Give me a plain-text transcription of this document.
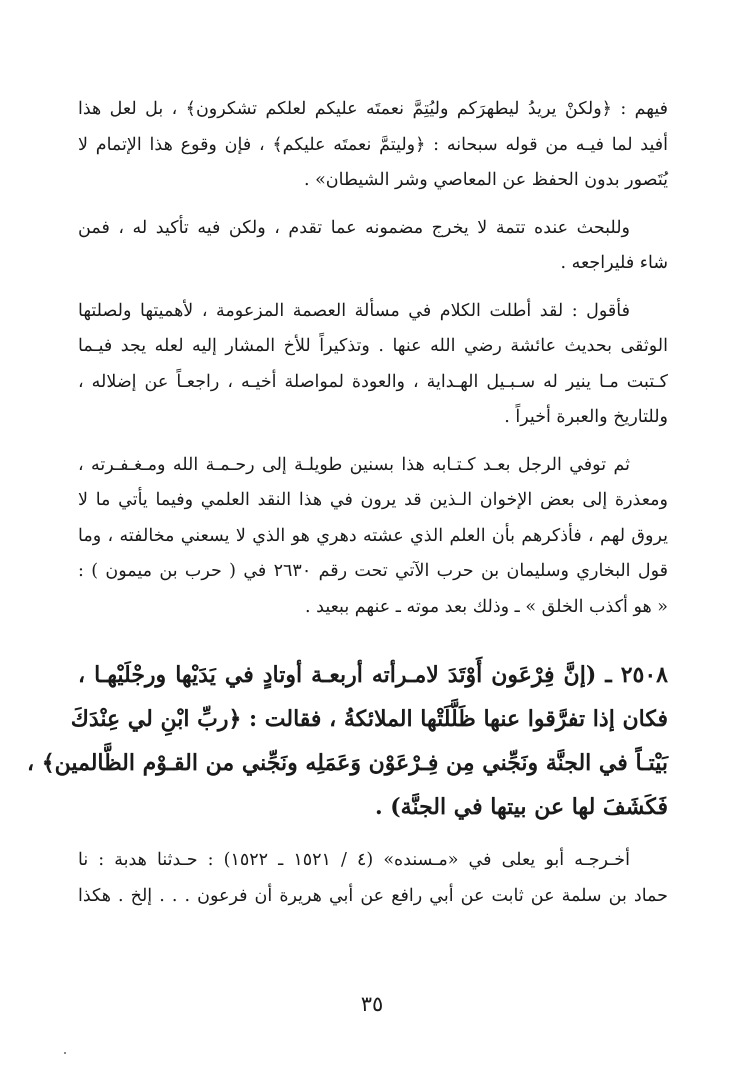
فيهم : ﴿ولكنْ يريدُ ليطهرَكم وليُتِمَّ نعمتَه عليكم لعلكم تشكرون﴾ ، بل لعل هذا
أفيد لما فيـه من قوله سبحانه : ﴿وليتمَّ نعمتَه عليكم﴾ ، فإن وقوع هذا الإتمام لا
يُتَصور بدون الحفظ عن المعاصي وشر الشيطان» .

وللبحث عنده تتمة لا يخرج مضمونه عما تقدم ، ولكن فيه تأكيد له ، فمن
شاء فليراجعه .

فأقول : لقد أطلت الكلام في مسألة العصمة المزعومة ، لأهميتها ولصلتها
الوثقى بحديث عائشة رضي الله عنها . وتذكيراً للأخ المشار إليه لعله يجد فيـما
كـتبت مـا ينير له سـبـيل الهـداية ، والعودة لمواصلة أخيـه ، راجعـاً عن إضلاله ،
وللتاريخ والعبرة أخيراً .

ثم توفي الرجل بعـد كـتـابه هذا بسنين طويلـة إلى رحـمـة الله ومـغـفـرته ،
ومعذرة إلى بعض الإخوان الـذين قد يرون في هذا النقد العلمي وفيما يأتي ما لا
يروق لهم ، فأذكرهم بأن العلم الذي عشته دهري هو الذي لا يسعني مخالفته ، وما
قول البخاري وسليمان بن حرب الآتي تحت رقم ٢٦٣٠ في ( حرب بن ميمون ) :
« هو أكذب الخلق » ـ وذلك بعد موته ـ عنهم ببعيد .

٢٥٠٨ ـ (إنَّ فِرْعَون أَوْتَدَ لامـرأته أربعـة أوتادٍ في يَدَيْها ورجْلَيْهـا ،
فكان إذا تفرَّقوا عنها ظَلَّلَتْها الملائكةُ ، فقالت : ﴿ربِّ ابْنِ لي عِنْدَكَ
بَيْتـاً في الجنَّة ونَجِّني مِن فِـرْعَوْن وَعَمَلِه ونَجِّني من القـوْم الظَّالمين﴾ ،
فَكَشَفَ لها عن بيتها في الجنَّة) .

أخـرجـه أبو يعلى في «مـسنده» (٤ / ١٥٢١ ـ ١٥٢٢) : حـدثنا هدبة : نا
حماد بن سلمة عن ثابت عن أبي رافع عن أبي هريرة أن فرعون . . . إلخ . هكذا

٣٥
